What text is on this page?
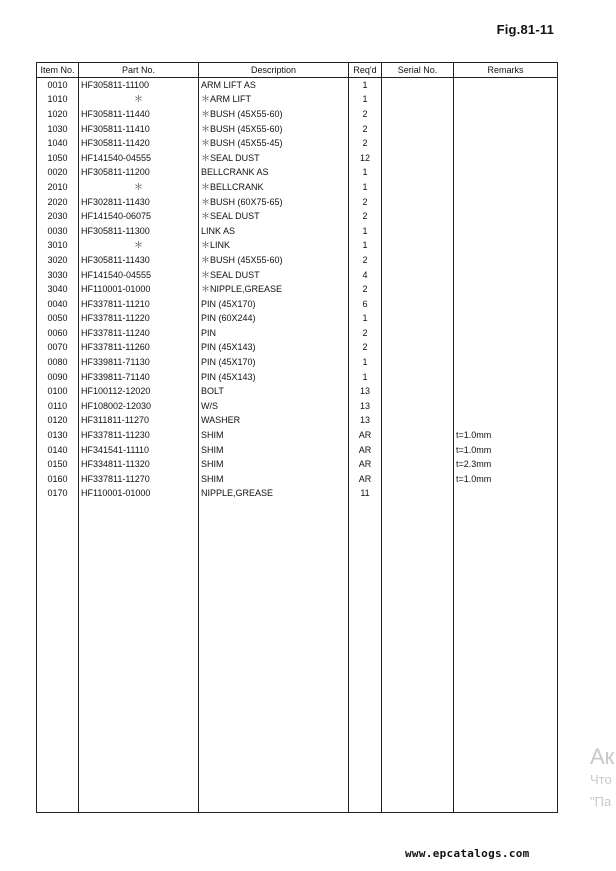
Fig.81-11
Item No.	Part No.	Description	Req'd	Serial No.	Remarks
0010	HF305811-11100	ARM LIFT AS	1		
1010	＊	＊ARM LIFT	1		
1020	HF305811-11440	＊BUSH (45X55-60)	2		
1030	HF305811-11410	＊BUSH (45X55-60)	2		
1040	HF305811-11420	＊BUSH (45X55-45)	2		
1050	HF141540-04555	＊SEAL DUST	12		
0020	HF305811-11200	BELLCRANK AS	1		
2010	＊	＊BELLCRANK	1		
2020	HF302811-11430	＊BUSH (60X75-65)	2		
2030	HF141540-06075	＊SEAL DUST	2		
0030	HF305811-11300	LINK AS	1		
3010	＊	＊LINK	1		
3020	HF305811-11430	＊BUSH (45X55-60)	2		
3030	HF141540-04555	＊SEAL DUST	4		
3040	HF110001-01000	＊NIPPLE,GREASE	2		
0040	HF337811-11210	PIN (45X170)	6		
0050	HF337811-11220	PIN (60X244)	1		
0060	HF337811-11240	PIN	2		
0070	HF337811-11260	PIN (45X143)	2		
0080	HF339811-71130	PIN (45X170)	1		
0090	HF339811-71140	PIN (45X143)	1		
0100	HF100112-12020	BOLT	13		
0110	HF108002-12030	W/S	13		
0120	HF311811-11270	WASHER	13		
0130	HF337811-11230	SHIM	AR		t=1.0mm
0140	HF341541-11110	SHIM	AR		t=1.0mm
0150	HF334811-11320	SHIM	AR		t=2.3mm
0160	HF337811-11270	SHIM	AR		t=1.0mm
0170	HF110001-01000	NIPPLE,GREASE	11		

Ак
Что
"Па
www.epcatalogs.com
